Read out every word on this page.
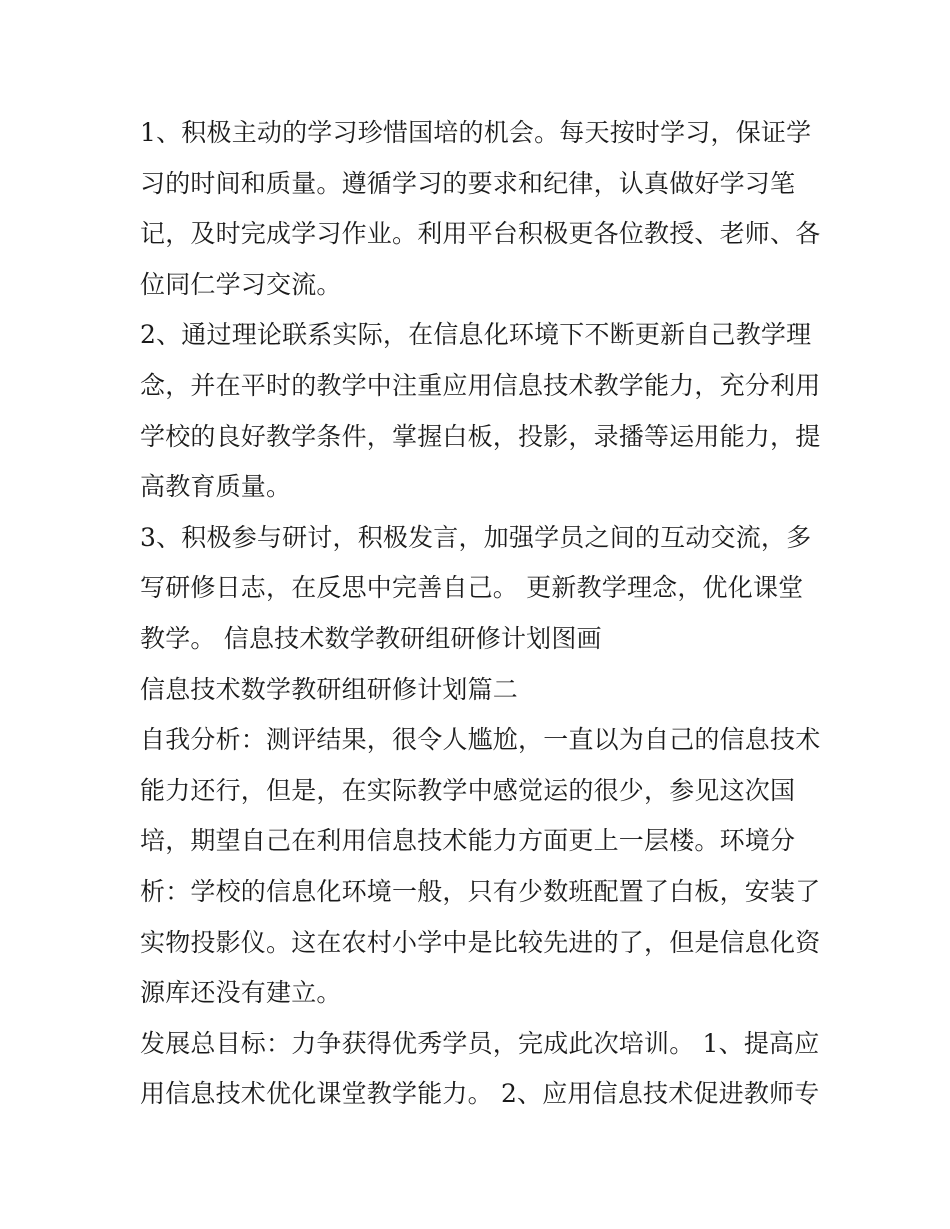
1、积极主动的学习珍惜国培的机会。每天按时学习，保证学
习的时间和质量。遵循学习的要求和纪律，认真做好学习笔
记，及时完成学习作业。利用平台积极更各位教授、老师、各
位同仁学习交流。
2、通过理论联系实际，在信息化环境下不断更新自己教学理
念，并在平时的教学中注重应用信息技术教学能力，充分利用
学校的良好教学条件，掌握白板，投影，录播等运用能力，提
高教育质量。
3、积极参与研讨，积极发言，加强学员之间的互动交流，多
写研修日志，在反思中完善自己。 更新教学理念，优化课堂
教学。 信息技术数学教研组研修计划图画
信息技术数学教研组研修计划篇二
自我分析：测评结果，很令人尴尬，一直以为自己的信息技术
能力还行，但是，在实际教学中感觉运的很少，参见这次国
培，期望自己在利用信息技术能力方面更上一层楼。环境分
析：学校的信息化环境一般，只有少数班配置了白板，安装了
实物投影仪。这在农村小学中是比较先进的了，但是信息化资
源库还没有建立。
发展总目标：力争获得优秀学员，完成此次培训。 1、提高应
用信息技术优化课堂教学能力。 2、应用信息技术促进教师专
